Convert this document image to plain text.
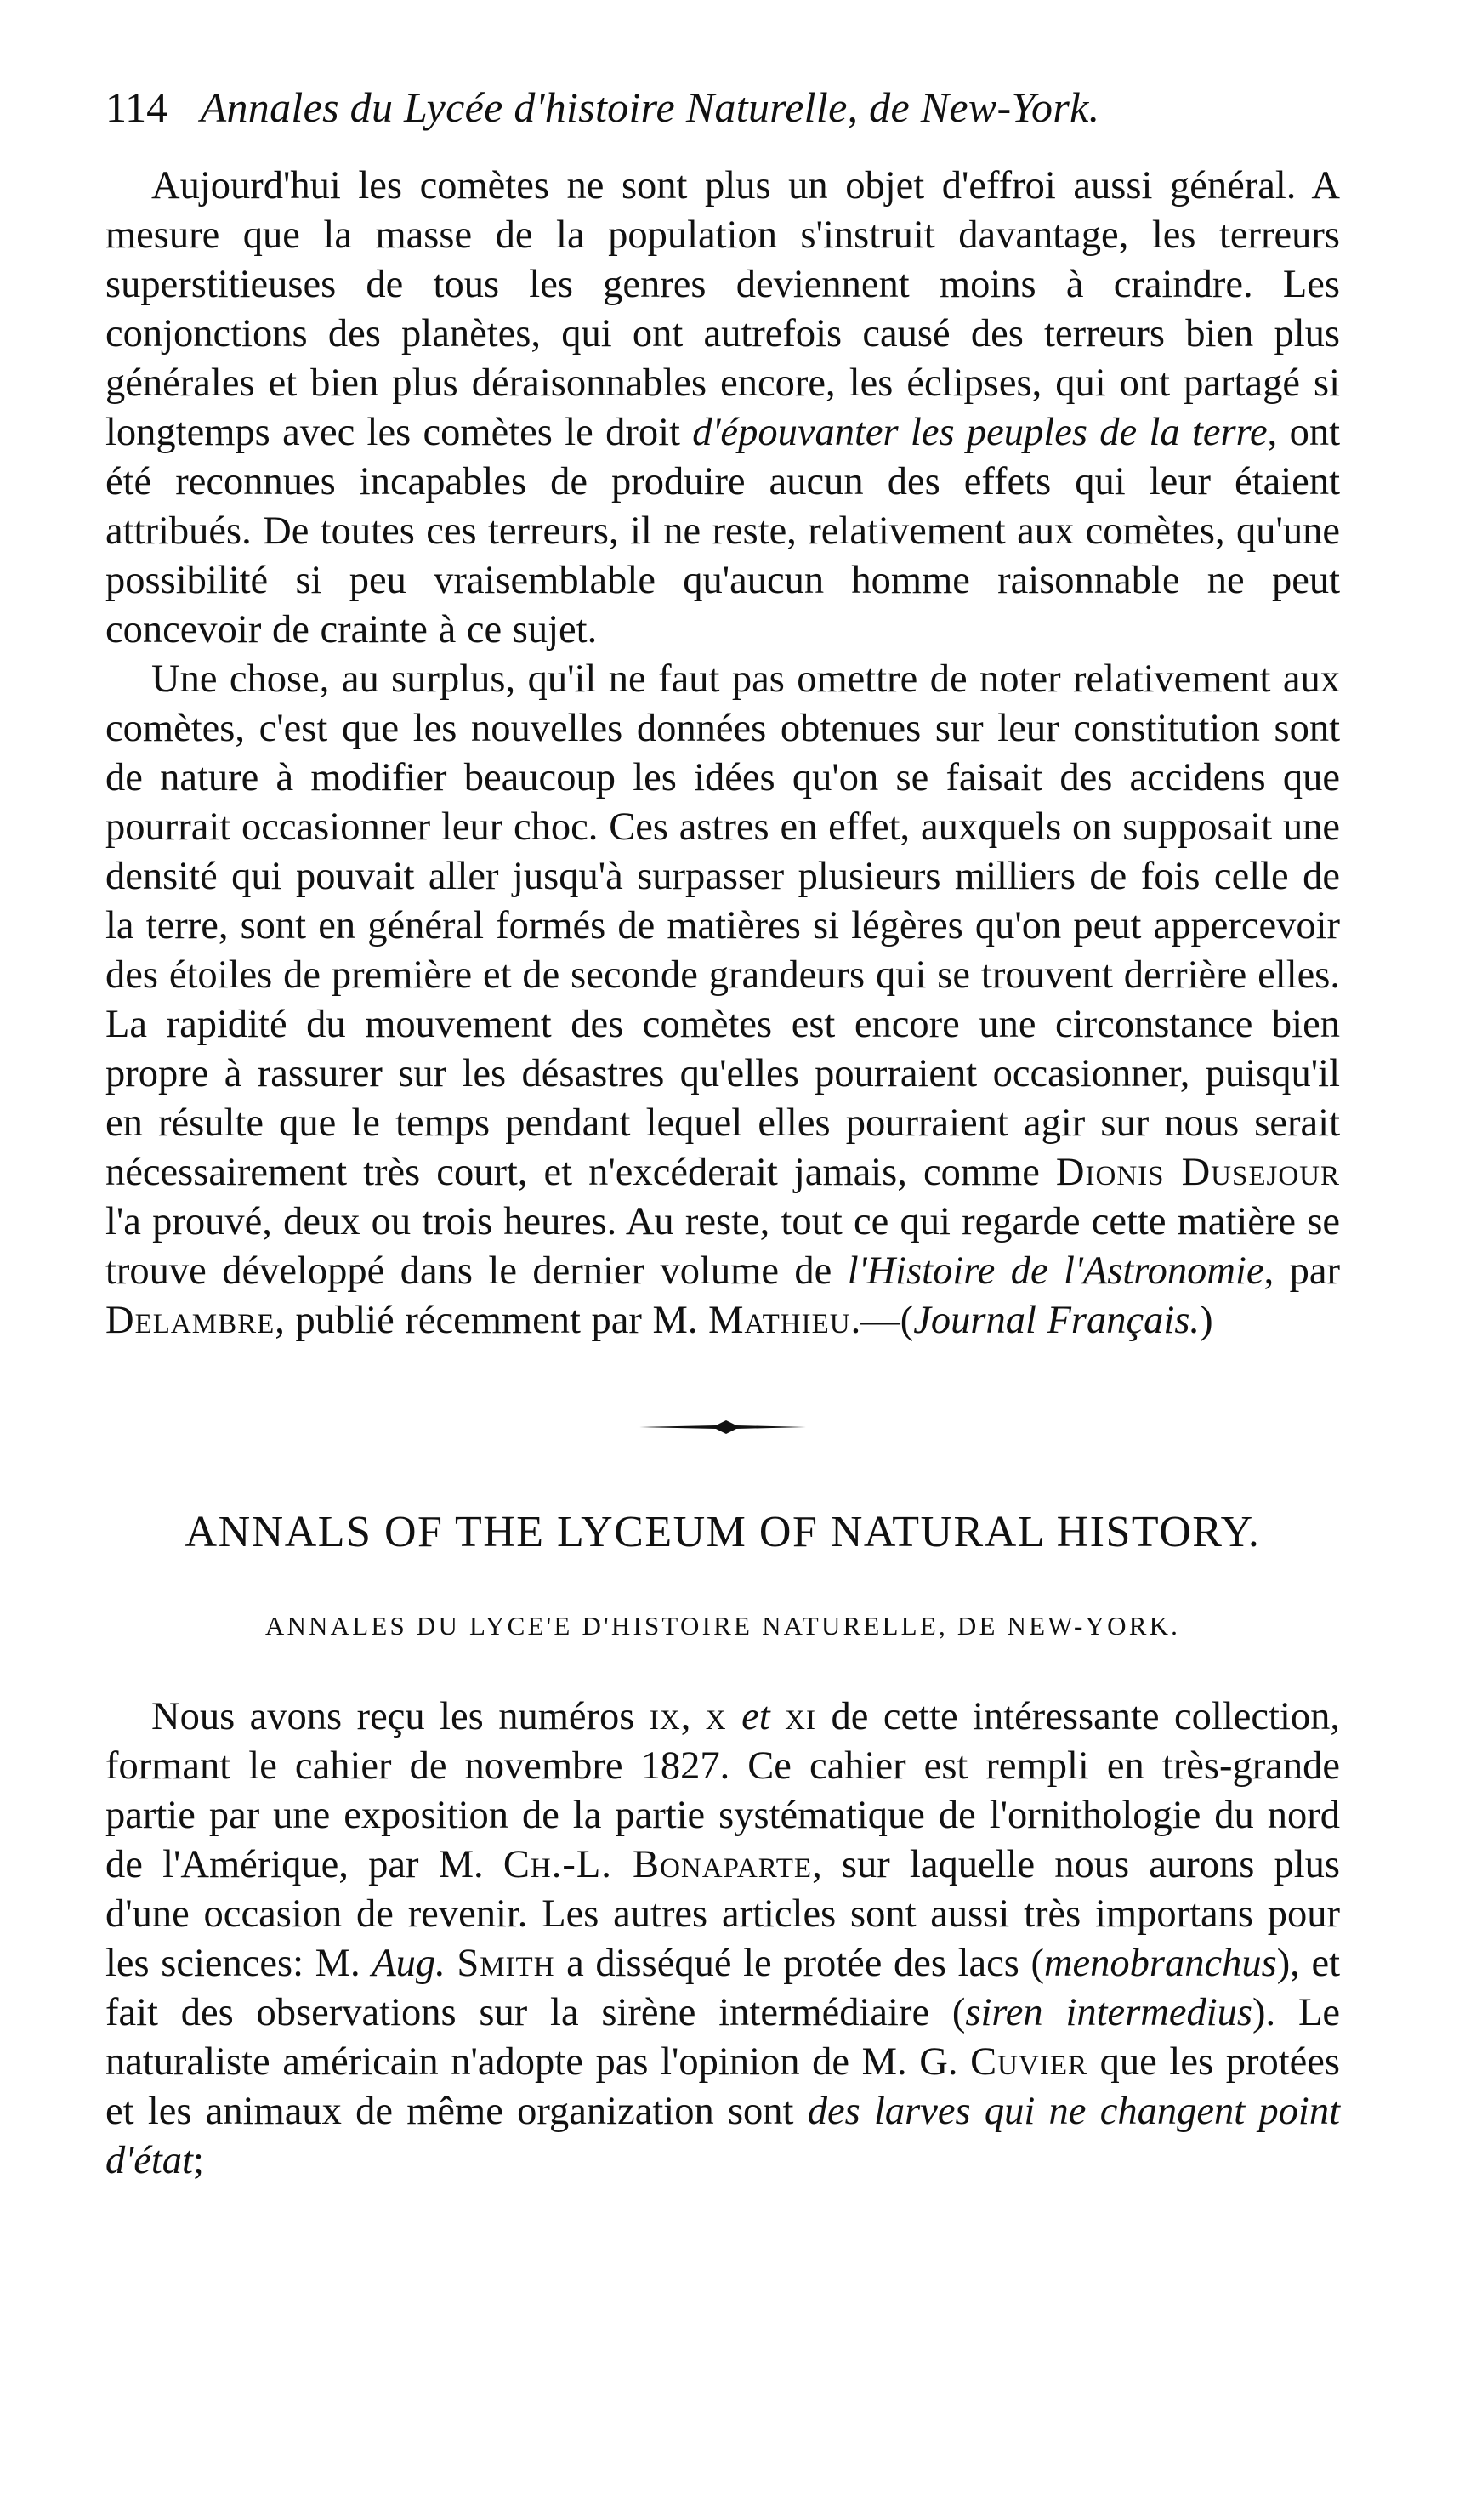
114 Annales du Lycée d'histoire Naturelle, de New-York.

Aujourd'hui les comètes ne sont plus un objet d'effroi aussi général. A mesure que la masse de la population s'instruit davantage, les terreurs superstitieuses de tous les genres deviennent moins à craindre. Les conjonctions des planètes, qui ont autrefois causé des terreurs bien plus générales et bien plus déraisonnables encore, les éclipses, qui ont partagé si longtemps avec les comètes le droit d'épouvanter les peuples de la terre, ont été reconnues incapables de produire aucun des effets qui leur étaient attribués. De toutes ces terreurs, il ne reste, relativement aux comètes, qu'une possibilité si peu vraisemblable qu'aucun homme raisonnable ne peut concevoir de crainte à ce sujet.

Une chose, au surplus, qu'il ne faut pas omettre de noter relativement aux comètes, c'est que les nouvelles données obtenues sur leur constitution sont de nature à modifier beaucoup les idées qu'on se faisait des accidens que pourrait occasionner leur choc. Ces astres en effet, auxquels on supposait une densité qui pouvait aller jusqu'à surpasser plusieurs milliers de fois celle de la terre, sont en général formés de matières si légères qu'on peut appercevoir des étoiles de première et de seconde grandeurs qui se trouvent derrière elles. La rapidité du mouvement des comètes est encore une circonstance bien propre à rassurer sur les désastres qu'elles pourraient occasionner, puisqu'il en résulte que le temps pendant lequel elles pourraient agir sur nous serait nécessairement très court, et n'excéderait jamais, comme Dionis Dusejour l'a prouvé, deux ou trois heures. Au reste, tout ce qui regarde cette matière se trouve développé dans le dernier volume de l'Histoire de l'Astronomie, par Delambre, publié récemment par M. Mathieu.—(Journal Français.)

ANNALS OF THE LYCEUM OF NATURAL HISTORY.
ANNALES DU LYCE'E D'HISTOIRE NATURELLE, DE NEW-YORK.

Nous avons reçu les numéros ix, x et xi de cette intéressante collection, formant le cahier de novembre 1827. Ce cahier est rempli en très-grande partie par une exposition de la partie systématique de l'ornithologie du nord de l'Amérique, par M. Ch.-L. Bonaparte, sur laquelle nous aurons plus d'une occasion de revenir. Les autres articles sont aussi très importans pour les sciences: M. Aug. Smith a disséqué le protée des lacs (menobranchus), et fait des observations sur la sirène intermédiaire (siren intermedius). Le naturaliste américain n'adopte pas l'opinion de M. G. Cuvier que les protées et les animaux de même organization sont des larves qui ne changent point d'état;
